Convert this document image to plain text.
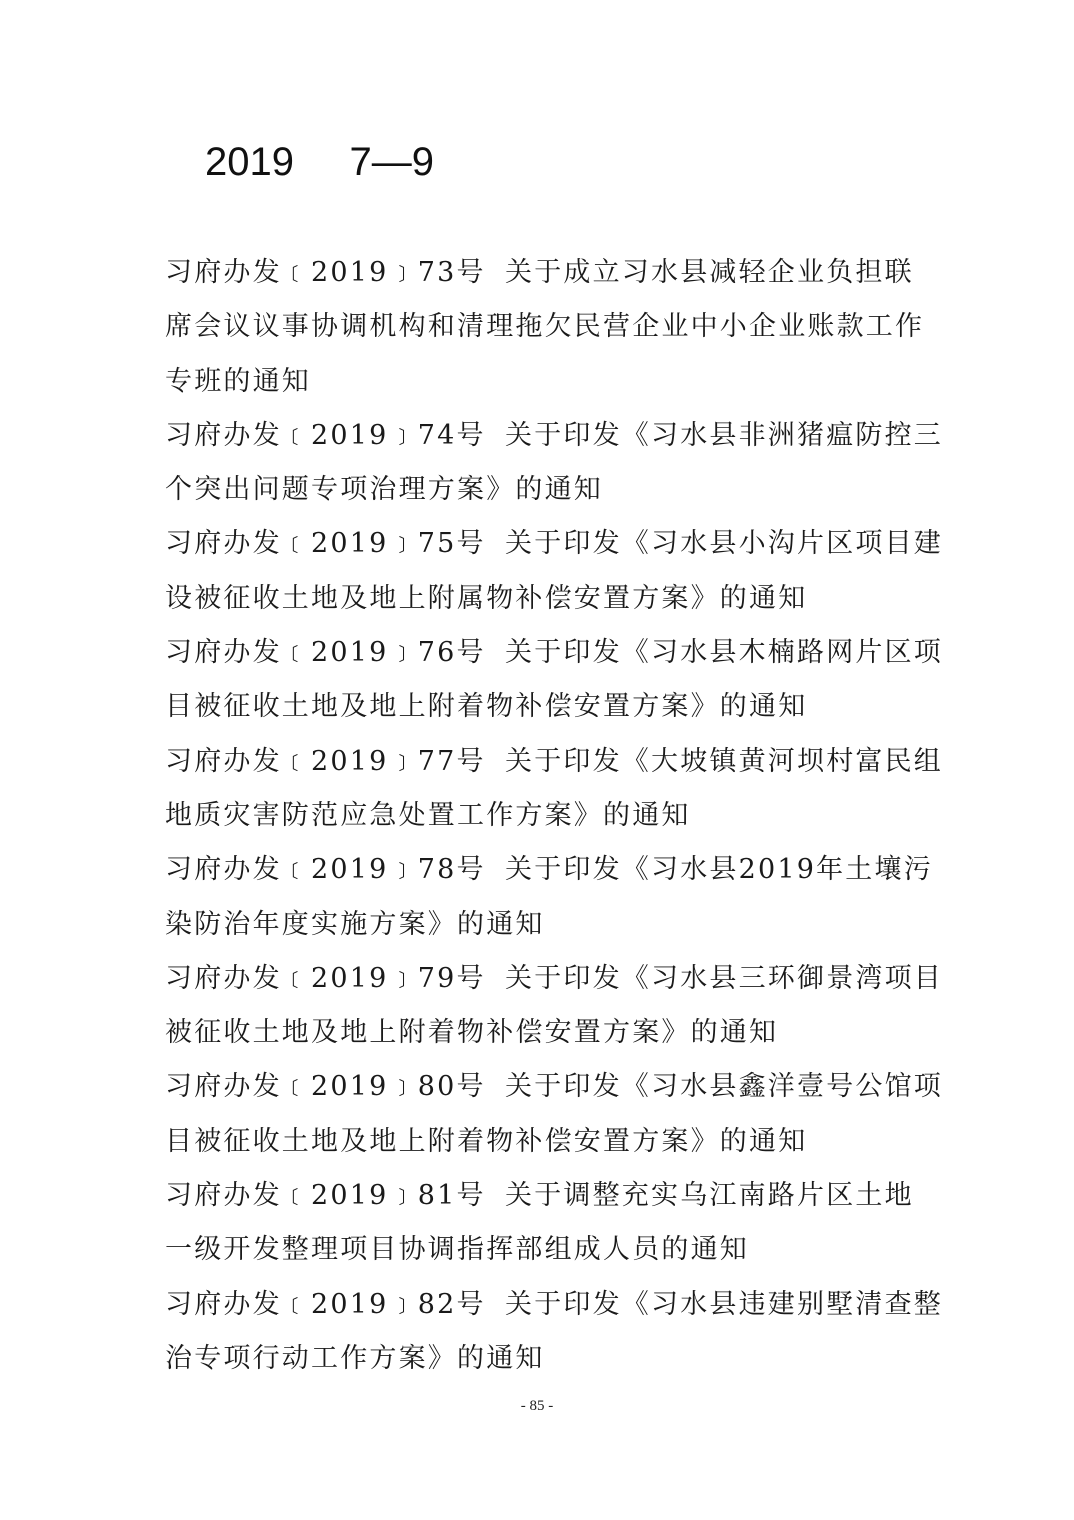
2019     7—9
习府办发﹝2019﹞73号 关于成立习水县减轻企业负担联
席会议议事协调机构和清理拖欠民营企业中小企业账款工作
专班的通知
习府办发﹝2019﹞74号 关于印发《习水县非洲猪瘟防控三
个突出问题专项治理方案》的通知
习府办发﹝2019﹞75号 关于印发《习水县小沟片区项目建
设被征收土地及地上附属物补偿安置方案》的通知
习府办发﹝2019﹞76号 关于印发《习水县木楠路网片区项
目被征收土地及地上附着物补偿安置方案》的通知
习府办发﹝2019﹞77号 关于印发《大坡镇黄河坝村富民组
地质灾害防范应急处置工作方案》的通知
习府办发﹝2019﹞78号 关于印发《习水县2019年土壤污
染防治年度实施方案》的通知
习府办发﹝2019﹞79号 关于印发《习水县三环御景湾项目
被征收土地及地上附着物补偿安置方案》的通知
习府办发﹝2019﹞80号 关于印发《习水县鑫洋壹号公馆项
目被征收土地及地上附着物补偿安置方案》的通知
习府办发﹝2019﹞81号 关于调整充实乌江南路片区土地
一级开发整理项目协调指挥部组成人员的通知
习府办发﹝2019﹞82号 关于印发《习水县违建别墅清查整
治专项行动工作方案》的通知
- 85 -
